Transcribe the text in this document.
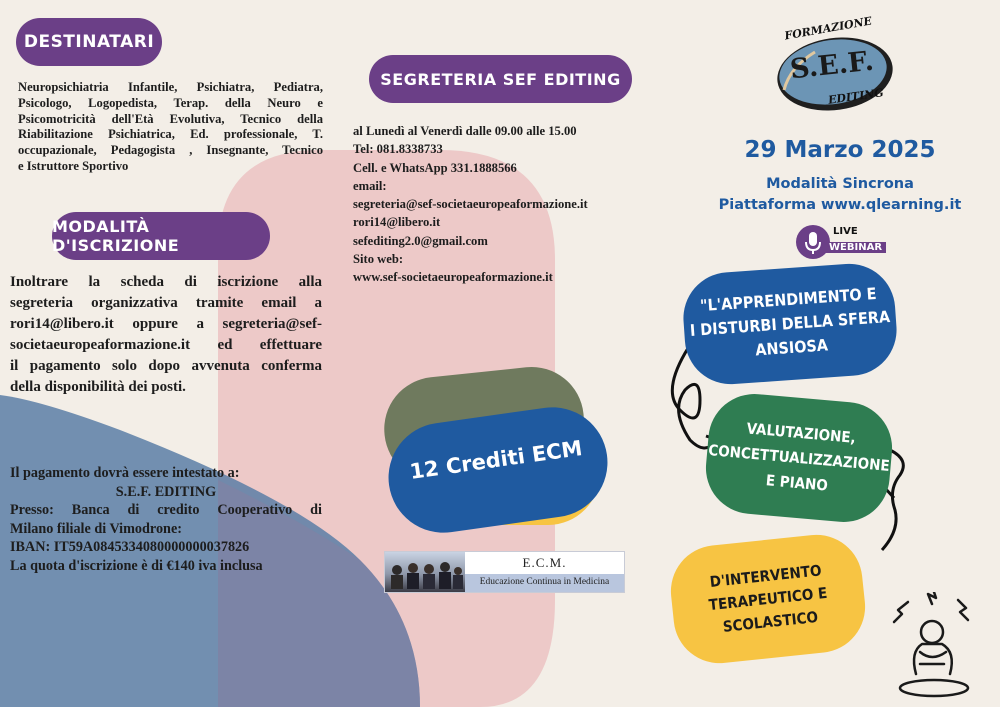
DESTINATARI
Neuropsichiatria Infantile, Psichiatra, Pediatra,
Psicologo, Logopedista, Terap. della Neuro e
Psicomotricità dell'Età Evolutiva, Tecnico della
Riabilitazione Psichiatrica, Ed. professionale, T.
occupazionale, Pedagogista , Insegnante, Tecnico
e Istruttore Sportivo
MODALITÀ D'ISCRIZIONE
Inoltrare la scheda di iscrizione alla
segreteria organizzativa tramite email a
rori14@libero.it oppure a segreteria@sef-
societaeuropeaformazione.it ed effettuare
il pagamento solo dopo avvenuta conferma
della disponibilità dei posti.
Il pagamento dovrà essere intestato a:
S.E.F. EDITING
Presso: Banca di credito Cooperativo di
Milano filiale di Vimodrone:
IBAN: IT59A0845334080000000037826
La quota d'iscrizione è di €140 iva inclusa
SEGRETERIA SEF EDITING
al Lunedì al Venerdì dalle 09.00 alle 15.00
Tel: 081.8338733
Cell. e WhatsApp 331.1888566
email:
segreteria@sef-societaeuropeaformazione.it
rori14@libero.it
sefediting2.0@gmail.com
Sito web:
www.sef-societaeuropeaformazione.it
12 Crediti ECM
E.C.M.
Educazione Continua in Medicina
FORMAZIONE
S.E.F.
EDITING
29 Marzo 2025
Modalità Sincrona
Piattaforma www.qlearning.it
LIVE
WEBINAR
"L'APPRENDIMENTO E
I DISTURBI DELLA SFERA
ANSIOSA
VALUTAZIONE,
CONCETTUALIZZAZIONE
E PIANO
D'INTERVENTO
TERAPEUTICO E
SCOLASTICO
